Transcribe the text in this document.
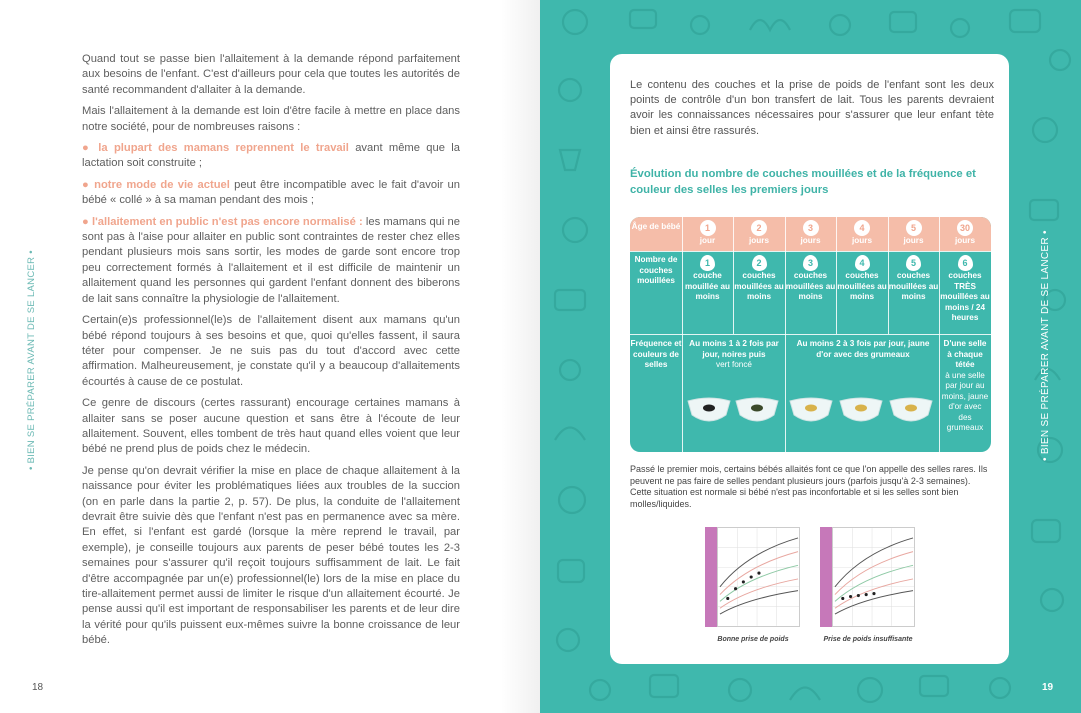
Quand tout se passe bien l'allaitement à la demande répond parfaitement aux besoins de l'enfant. C'est d'ailleurs pour cela que toutes les autorités de santé recommandent d'allaiter à la demande.

Mais l'allaitement à la demande est loin d'être facile à mettre en place dans notre société, pour de nombreuses raisons :

● la plupart des mamans reprennent le travail avant même que la lactation soit construite ;

● notre mode de vie actuel peut être incompatible avec le fait d'avoir un bébé « collé » à sa maman pendant des mois ;

● l'allaitement en public n'est pas encore normalisé : les mamans qui ne sont pas à l'aise pour allaiter en public sont contraintes de rester chez elles pendant plusieurs mois sans sortir, les modes de garde sont encore trop peu correctement formés à l'allaitement et il est difficile de maintenir un allaitement quand les personnes qui gardent l'enfant donnent des biberons de lait sans connaître la physiologie de l'allaitement.

Certain(e)s professionnel(le)s de l'allaitement disent aux mamans qu'un bébé répond toujours à ses besoins et que, quoi qu'elles fassent, il saura téter pour compenser. Je ne suis pas du tout d'accord avec cette affirmation. Malheureusement, je constate qu'il y a beaucoup d'allaitements écourtés à cause de ce postulat.

Ce genre de discours (certes rassurant) encourage certaines mamans à allaiter sans se poser aucune question et sans être à l'écoute de leur allaitement. Souvent, elles tombent de très haut quand elles voient que leur bébé ne prend plus de poids chez le médecin.

Je pense qu'on devrait vérifier la mise en place de chaque allaitement à la naissance pour éviter les problématiques liées aux troubles de la succion (on en parle dans la partie 2, p. 57). De plus, la conduite de l'allaitement devrait être suivie dès que l'enfant n'est pas en permanence avec sa mère. En effet, si l'enfant est gardé (lorsque la mère reprend le travail, par exemple), je conseille toujours aux parents de peser bébé toutes les 2-3 semaines pour s'assurer qu'il reçoit toujours suffisamment de lait. Le fait d'être accompagnée par un(e) professionnel(le) lors de la mise en place du tire-allaitement permet aussi de limiter le risque d'un allaitement écourté. Je pense aussi qu'il est important de responsabiliser les parents et de leur dire la vérité pour qu'ils puissent eux-mêmes suivre la bonne croissance de leur bébé.

• BIEN SE PRÉPARER AVANT DE SE LANCER •
18

Le contenu des couches et la prise de poids de l'enfant sont les deux points de contrôle d'un bon transfert de lait. Tous les parents devraient avoir les connaissances nécessaires pour s'assurer que leur enfant tète bien et ainsi être rassurés.

Évolution du nombre de couches mouillées et de la fréquence et couleur des selles les premiers jours

Âge de bébé	1
jour
2
jours
3
jours
4
jours
5
jours
30
jours
Nombre de couches mouillées
1
couche mouillée au moins
2
couches mouillées au moins
3
couches mouillées au moins
4
couches mouillées au moins
5
couches mouillées au moins
6
couches TRÈS mouillées au moins / 24 heures
Fréquence et couleurs de selles
Au moins 1 à 2 fois par jour, noires puis
vert foncé
Au moins 2 à 3 fois par jour, jaune d'or avec des grumeaux
D'une selle à chaque tétée
à une selle par jour au moins, jaune d'or avec des grumeaux

Passé le premier mois, certains bébés allaités font ce que l'on appelle des selles rares. Ils peuvent ne pas faire de selles pendant plusieurs jours (parfois jusqu'à 2-3 semaines). Cette situation est normale si bébé n'est pas inconfortable et si les selles sont bien molles/liquides.

Bonne prise de poids	Prise de poids insuffisante
• BIEN SE PRÉPARER AVANT DE SE LANCER •
19
